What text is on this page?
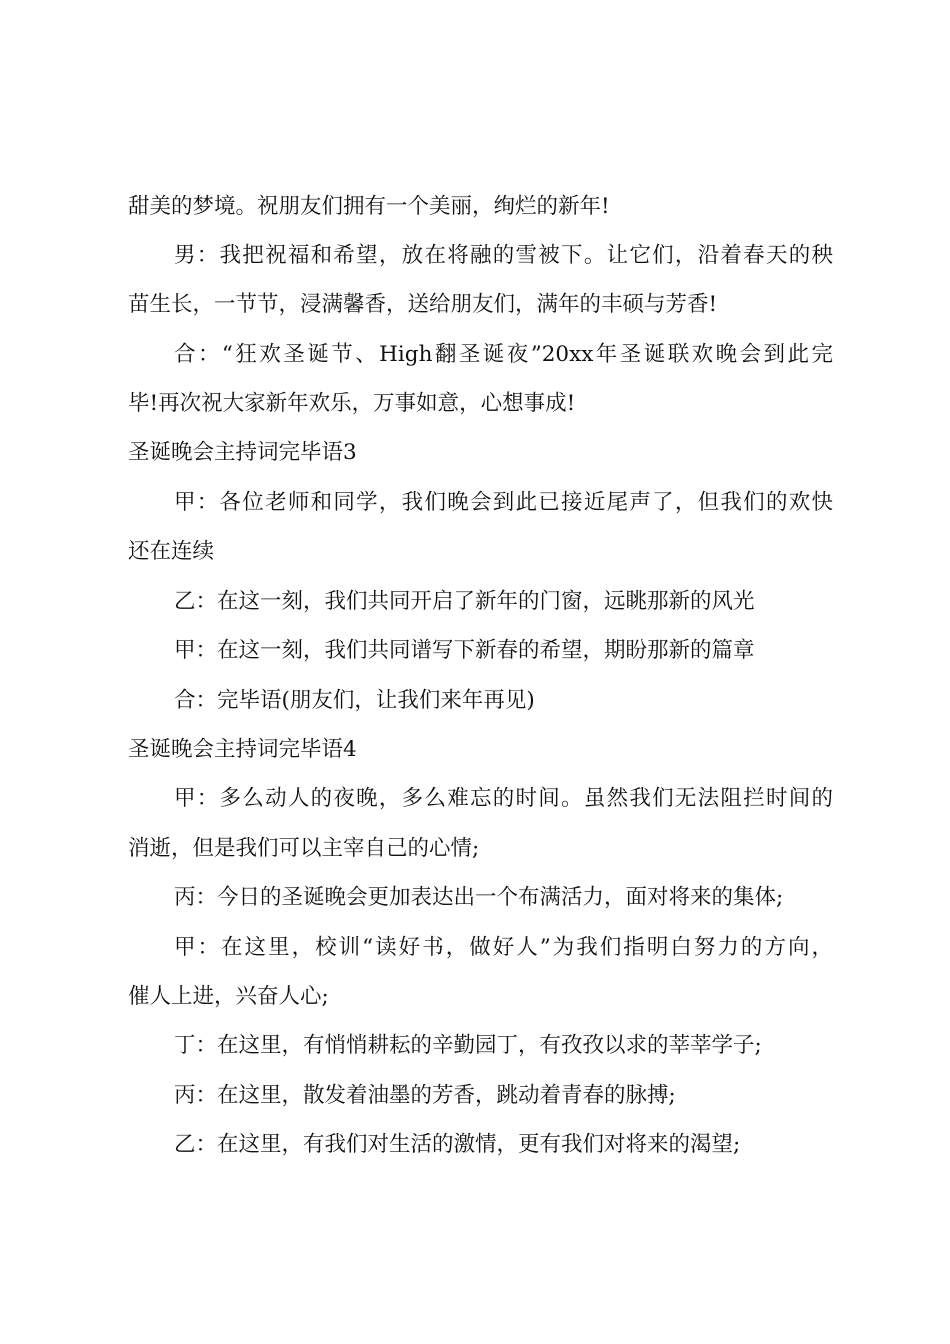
甜美的梦境。祝朋友们拥有一个美丽，绚烂的新年!
男：我把祝福和希望，放在将融的雪被下。让它们，沿着春天的秧
苗生长，一节节，浸满馨香，送给朋友们，满年的丰硕与芳香!
合：“狂欢圣诞节、High翻圣诞夜”20xx年圣诞联欢晚会到此完
毕!再次祝大家新年欢乐，万事如意，心想事成!
圣诞晚会主持词完毕语3
甲：各位老师和同学，我们晚会到此已接近尾声了，但我们的欢快
还在连续
乙：在这一刻，我们共同开启了新年的门窗，远眺那新的风光
甲：在这一刻，我们共同谱写下新春的希望，期盼那新的篇章
合：完毕语(朋友们，让我们来年再见)
圣诞晚会主持词完毕语4
甲：多么动人的夜晚，多么难忘的时间。虽然我们无法阻拦时间的
消逝，但是我们可以主宰自己的心情;
丙：今日的圣诞晚会更加表达出一个布满活力，面对将来的集体;
甲：在这里，校训“读好书，做好人”为我们指明白努力的方向，
催人上进，兴奋人心;
丁：在这里，有悄悄耕耘的辛勤园丁，有孜孜以求的莘莘学子;
丙：在这里，散发着油墨的芳香，跳动着青春的脉搏;
乙：在这里，有我们对生活的激情，更有我们对将来的渴望;
